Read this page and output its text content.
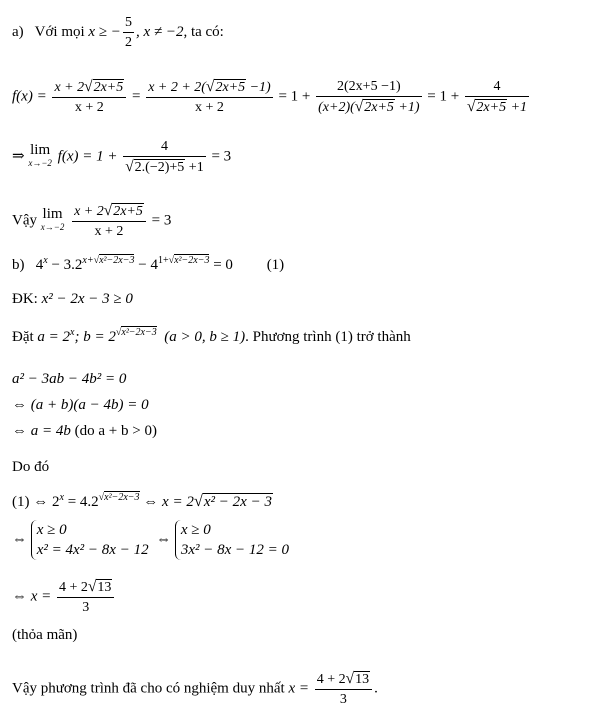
a) Với mọi x ≥ − $\frac{5}{2}$ , x ≠ −2, ta có:
$f(x) = \frac{x + 2√2x+5}{x + 2} = \frac{x + 2 + 2(√2x+5 -1)}{x + 2} = 1 + \frac{2(2x+5 -1)}{(x+2)(√2x+5 +1)} = 1 + \frac{4}{√2x+5 +1}$
⇒ lim
x→−2 $f(x) = 1 + \frac{4}{√2.(-2)+5 +1} = 3$
Vậy lim
x→−2
$\frac{x + 2√2x+5}{x + 2} = 3$
b) $4^x - 3.2^{x+√x^2-2x-3} - 4^{1+√x^2-2x-3} = 0$ (1)
ĐK: x² − 2x − 3 ≥ 0
Đặt $a = 2^x$; $b = 2^{√x^2-2x-3}$ (a > 0, b ≥ 1). Phương trình (1) trở thành
a² − 3ab − 4b² = 0
⇔ (a + b)(a − 4b) = 0
⇔ a = 4b (do a + b > 0)
Do đó
(1) ⇔ $2^x = 4.2^{√x^2-2x-3}$ ⇔ x = 2√x² − 2x − 3
⇔
x ≥ 0
x² = 4x² − 8x − 12
⇔
x ≥ 0
3x² − 8x − 12 = 0
⇔ $x = \frac{4 + 2√13}{3}$
(thỏa mãn)
Vậy phương trình đã cho có nghiệm duy nhất $x = \frac{4 + 2√13}{3}$ .
